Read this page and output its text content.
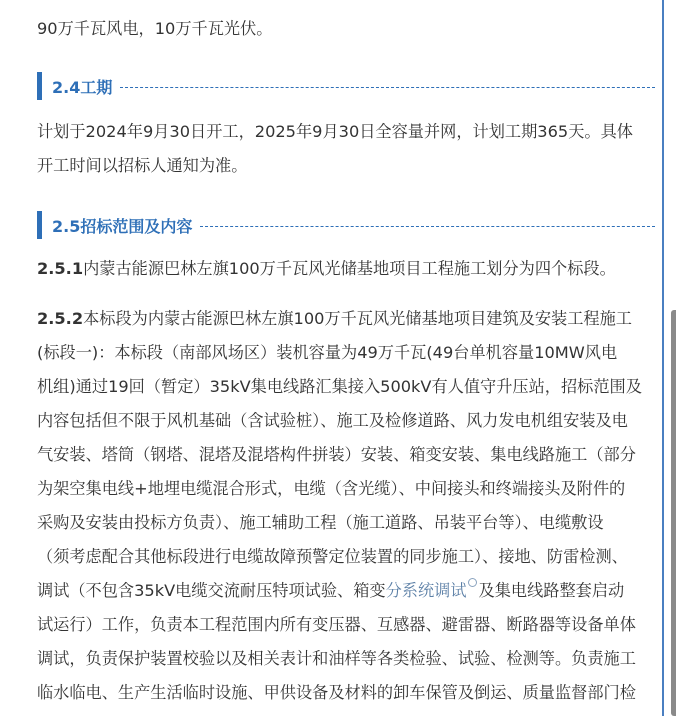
90万千瓦风电，10万千瓦光伏。

2.4工期

计划于2024年9月30日开工，2025年9月30日全容量并网，计划工期365天。具体
开工时间以招标人通知为准。

2.5招标范围及内容

2.5.1内蒙古能源巴林左旗100万千瓦风光储基地项目工程施工划分为四个标段。

2.5.2本标段为内蒙古能源巴林左旗100万千瓦风光储基地项目建筑及安装工程施工
(标段一)：本标段（南部风场区）装机容量为49万千瓦(49台单机容量10MW风电
机组)通过19回（暂定）35kV集电线路汇集接入500kV有人值守升压站，招标范围及
内容包括但不限于风机基础（含试验桩）、施工及检修道路、风力发电机组安装及电
气安装、塔筒（钢塔、混塔及混塔构件拼装）安装、箱变安装、集电线路施工（部分
为架空集电线+地埋电缆混合形式，电缆（含光缆）、中间接头和终端接头及附件的
采购及安装由投标方负责）、施工辅助工程（施工道路、吊装平台等）、电缆敷设
（须考虑配合其他标段进行电缆故障预警定位装置的同步施工）、接地、防雷检测、
调试（不包含35kV电缆交流耐压特项试验、箱变分系统调试 及集电线路整套启动
试运行）工作，负责本工程范围内所有变压器、互感器、避雷器、断路器等设备单体
调试，负责保护装置校验以及相关表计和油样等各类检验、试验、检测等。负责施工
临水临电、生产生活临时设施、甲供设备及材料的卸车保管及倒运、质量监督部门检
